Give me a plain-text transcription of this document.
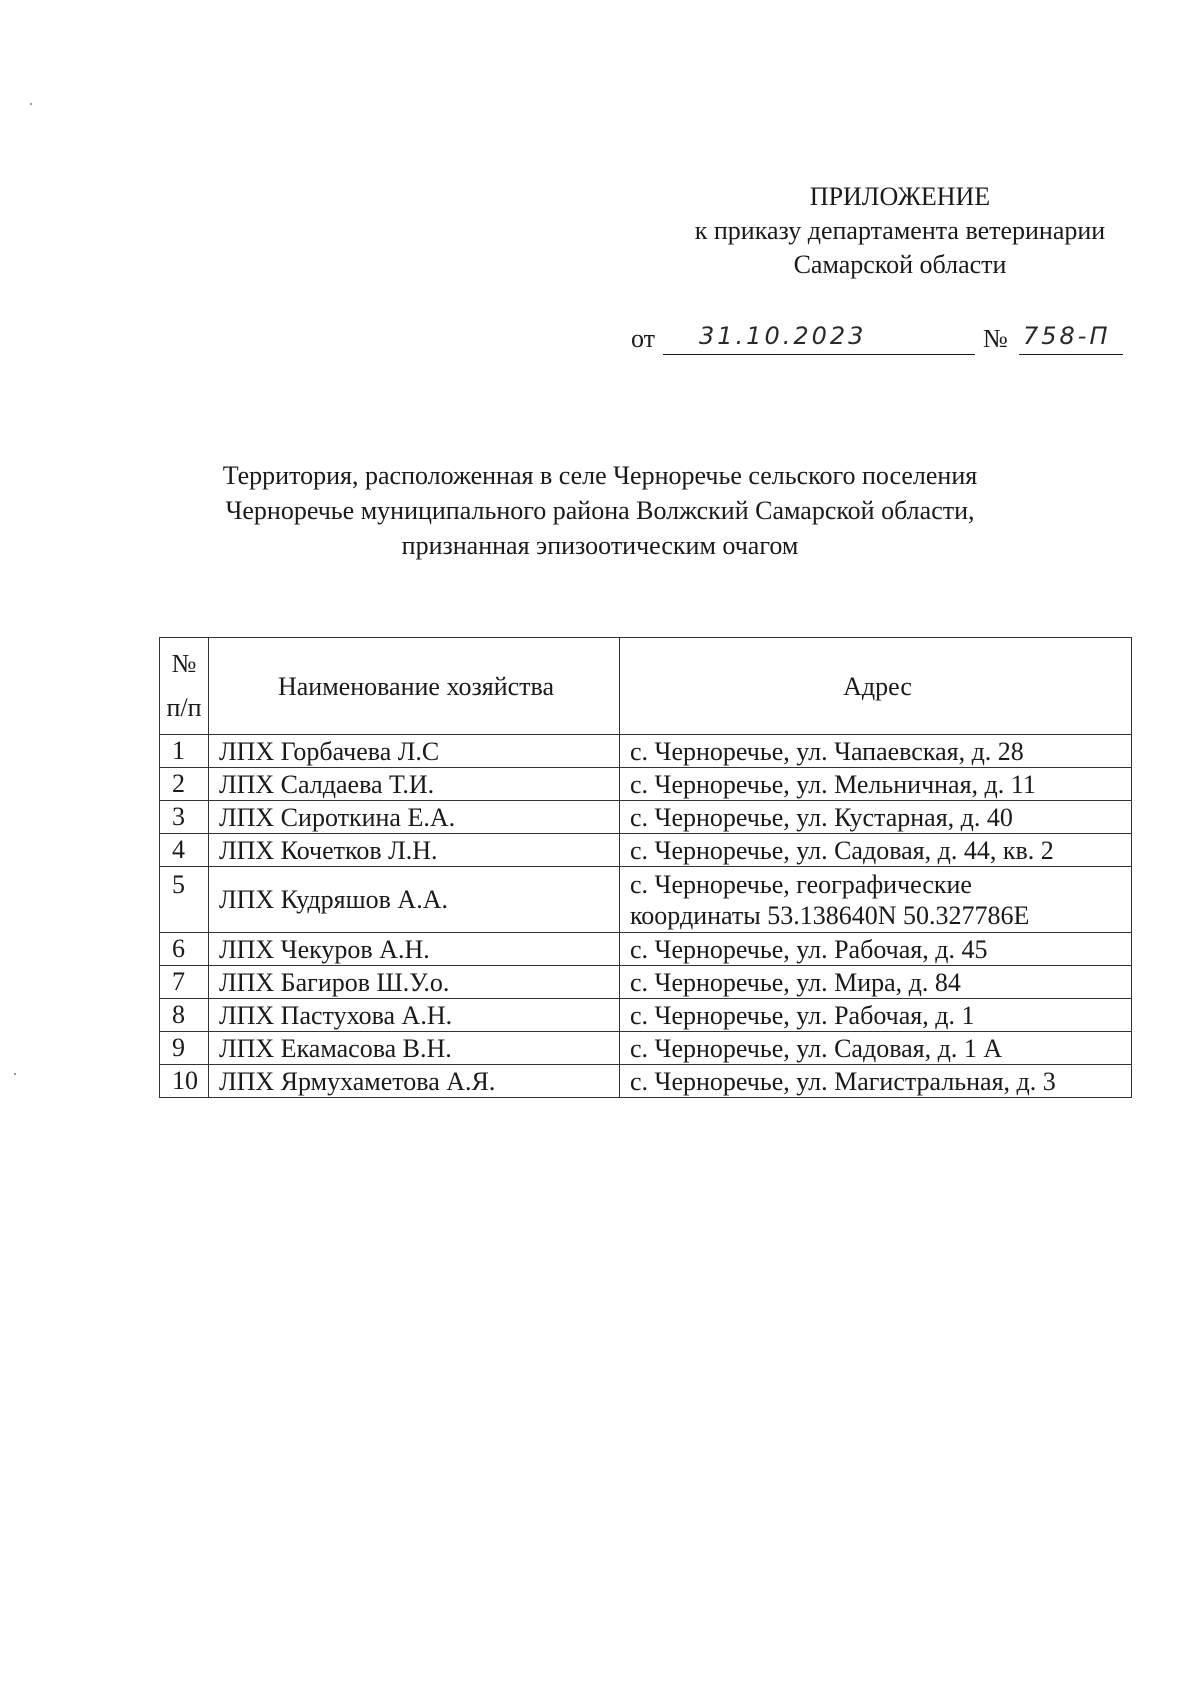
ПРИЛОЖЕНИЕ
к приказу департамента ветеринарии
Самарской области
от 31.10.2023	№ 758-П
Территория, расположенная в селе Черноречье сельского поселения
Черноречье муниципального района Волжский Самарской области,
признанная эпизоотическим очагом
№
п/п	Наименование хозяйства	Адрес
1	ЛПХ Горбачева Л.С	с. Черноречье, ул. Чапаевская, д. 28
2	ЛПХ Салдаева Т.И.	с. Черноречье, ул. Мельничная, д. 11
3	ЛПХ Сироткина Е.А.	с. Черноречье, ул. Кустарная, д. 40
4	ЛПХ Кочетков Л.Н.	с. Черноречье, ул. Садовая, д. 44, кв. 2
5	ЛПХ Кудряшов А.А.	с. Черноречье, географические
координаты 53.138640N 50.327786E

6	ЛПХ Чекуров А.Н.	с. Черноречье, ул. Рабочая, д. 45
7	ЛПХ Багиров Ш.У.о.	с. Черноречье, ул. Мира, д. 84
8	ЛПХ Пастухова А.Н.	с. Черноречье, ул. Рабочая, д. 1
9	ЛПХ Екамасова В.Н.	с. Черноречье, ул. Садовая, д. 1 А
10	ЛПХ Ярмухаметова А.Я.	с. Черноречье, ул. Магистральная, д. 3
